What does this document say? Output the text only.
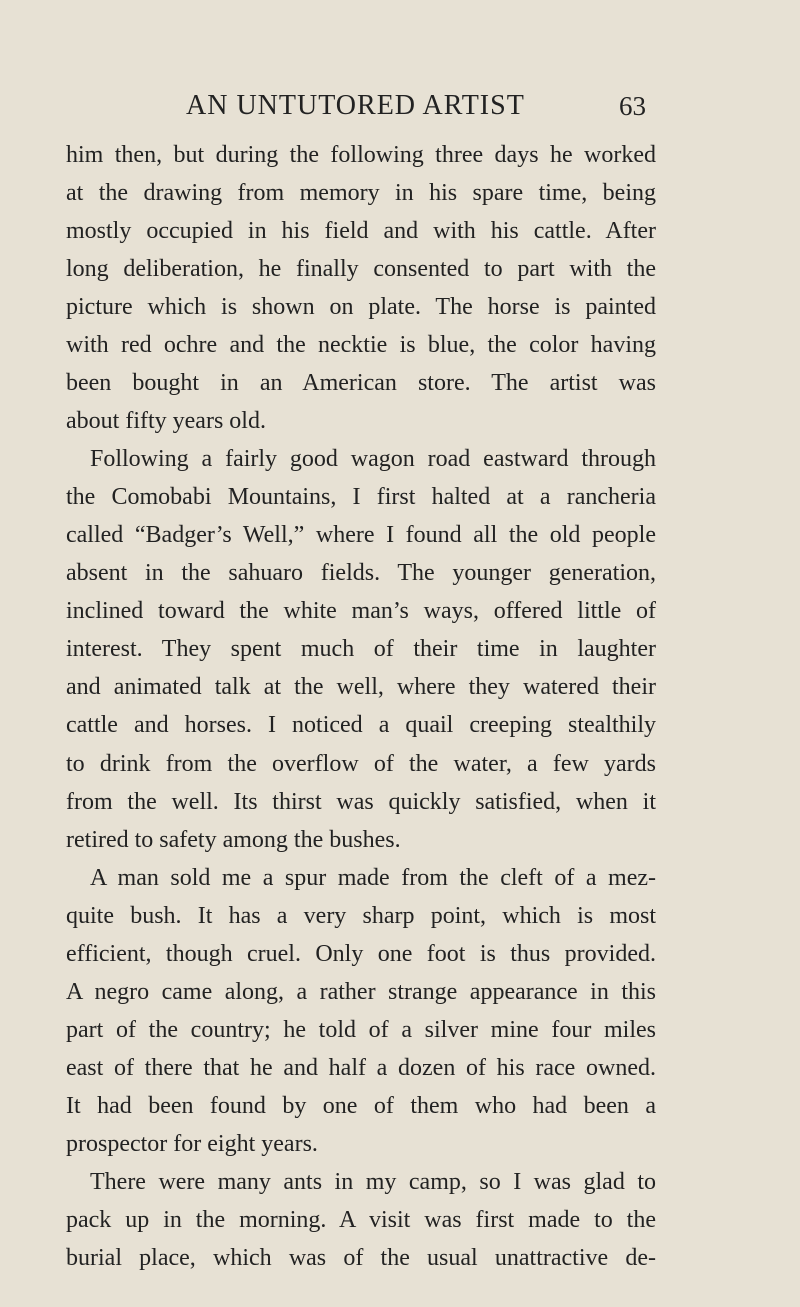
AN UNTUTORED ARTIST	63
him then, but during the following three days he worked
at the drawing from memory in his spare time, being
mostly occupied in his field and with his cattle. After
long deliberation, he finally consented to part with the
picture which is shown on plate. The horse is painted
with red ochre and the necktie is blue, the color having
been bought in an American store. The artist was
about fifty years old.
Following a fairly good wagon road eastward through
the Comobabi Mountains, I first halted at a rancheria
called “Badger’s Well,” where I found all the old people
absent in the sahuaro fields. The younger generation,
inclined toward the white man’s ways, offered little of
interest. They spent much of their time in laughter
and animated talk at the well, where they watered their
cattle and horses. I noticed a quail creeping stealthily
to drink from the overflow of the water, a few yards
from the well. Its thirst was quickly satisfied, when it
retired to safety among the bushes.
A man sold me a spur made from the cleft of a mez-
quite bush. It has a very sharp point, which is most
efficient, though cruel. Only one foot is thus provided.
A negro came along, a rather strange appearance in this
part of the country; he told of a silver mine four miles
east of there that he and half a dozen of his race owned.
It had been found by one of them who had been a
prospector for eight years.
There were many ants in my camp, so I was glad to
pack up in the morning. A visit was first made to the
burial place, which was of the usual unattractive de-
